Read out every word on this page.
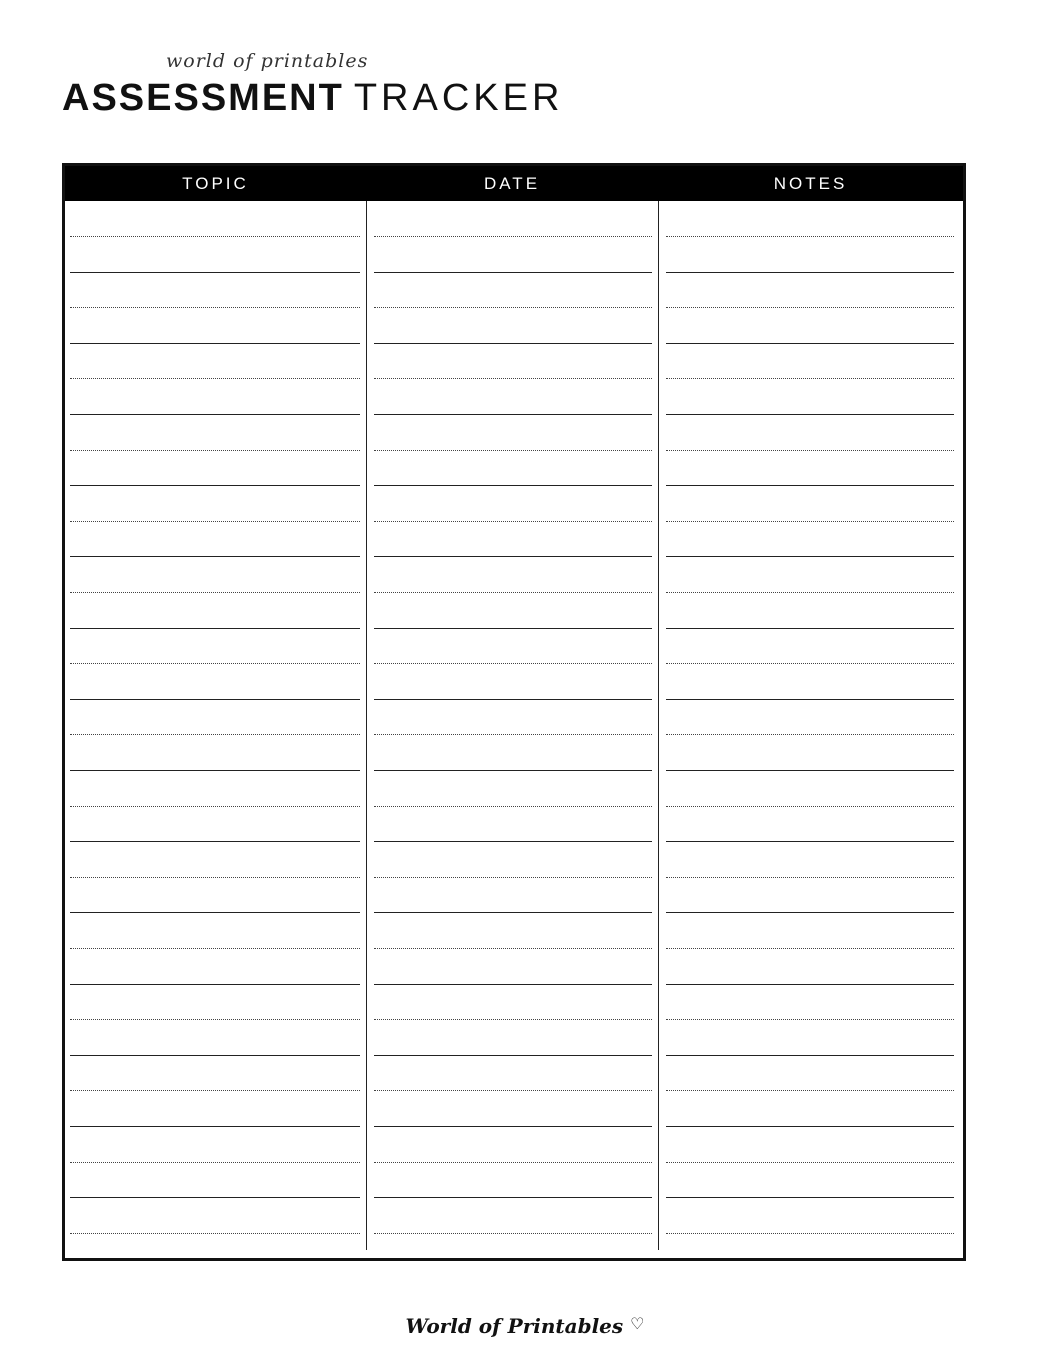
world of printables
ASSESSMENT TRACKER
TOPIC	DATE	NOTES
World of Printables ♡
